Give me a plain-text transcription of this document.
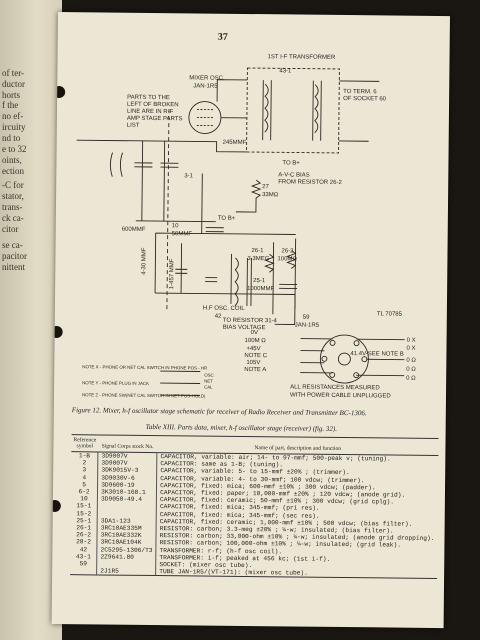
of ter-
ductor
horts
f the
no ef-
ircuity
nd to
e to 32
oints,
ection
-C for
stator,
trans-
ck ca-
citor
se ca-
pacitor
nittent
37
1ST I-F TRANSFORMER
43-1
MIXER OSC.
JAN-1R5
PARTS TO THE
LEFT OF BROKEN
LINE ARE IN R-F
AMP STAGE PARTS
LIST
TO TERM. 6
OF SOCKET 60
A-V-C BIAS
FROM RESISTOR 26-2
TO B+
TO B+
27
33MΩ
245MMF
3-1
600MMF
10
50MMF
26-1
3.3MEG
26-2
100MΩ
25-1
1000MMF
4-30 MMF	1-457 MMF
H.F OSC. COIL
42
TO RESISTOR 31-4
BIAS VOLTAGE
59
JAN-1R5
TL 70785
0V
100M Ω
+45V
NOTE C
105V
NOTE A
0 X
0 X
0 Ω
0 Ω
0 Ω
41.4V-SEE NOTE B
ALL RESISTANCES MEASURED
WITH POWER CABLE UNPLUGGED
NOTE X - PHONE OR NET CAL SWITCH IN PHONE POS - HR
NOTE Y - PHONE PLUG IN JACK
NOTE Z - PHONE SW(NET CAL SWITCH IN NET POS-HOLD)
OSC
NET
CAL
Figure 12. Mixer, h-f oscillator stage schematic for receiver of Radio Receiver and Transmitter BC-1306.
Table XIII. Parts data, mixer, h-f oscillator stage (receiver) (fig. 32).
Reference symbol	Signal Corps stock No.	Name of part, description and function
1-B	3D9007V	CAPACITOR, variable: air; 14- to 97-mmf; 500-peak v; (tuning).
2	3D9007V	CAPACITOR: same as 1-B; (tuning).
3	3DK9015V-3	CAPACITOR, variable: 5- to 15-mmf ±20% ; (trimmer).
4	3D9030V-6	CAPACITOR, variable: 4- to 30-mmf; 100 vdcw; (trimmer).
5	3D9600-19	CAPACITOR, fixed: mica; 600-mmf ±10% ; 300 vdcw; (padder).
6-2	3K3010-168.1	CAPACITOR, fixed: paper; 10,000-mmf ±20% ; 120 vdcw; (anode grid).
10	3D9050-49.4	CAPACITOR, fixed: ceramic; 50-mmf ±10% ; 300 vdcw; (grid cplg).
15-1		CAPACITOR, fixed: mica; 345-mmf; (pri res).
15-2		CAPACITOR, fixed: mica; 345-mmf; (sec res).
25-1	3DA1-123	CAPACITOR, fixed: ceramic; 1,000-mmf ±10% ; 500 vdcw; (bias filter).
26-1	3RC10AE335M	RESISTOR: carbon; 3.3-meg ±20% ; ¼-w; insulated; (bias filter).
26-2	3RC10AE332K	RESISTOR: carbon; 33,000-ohm ±10% ; ¼-w; insulated; (anode grid dropping).
28-2	3RC10AE104K	RESISTOR: carbon; 100,000-ohm ±10% ; ¼-w; insulated; (grid leak).
42	2C5295-1306/T3	TRANSFORMER: r-f; (h-f osc coil).
43-1	2Z9641.80	TRANSFORMER: i-f; peaked at 456 kc; (1st i-f).
59		SOCKET: (mixer osc tube).
	2J1R5	TUBE JAN-1R5/(VT-171): (mixer osc tube).
